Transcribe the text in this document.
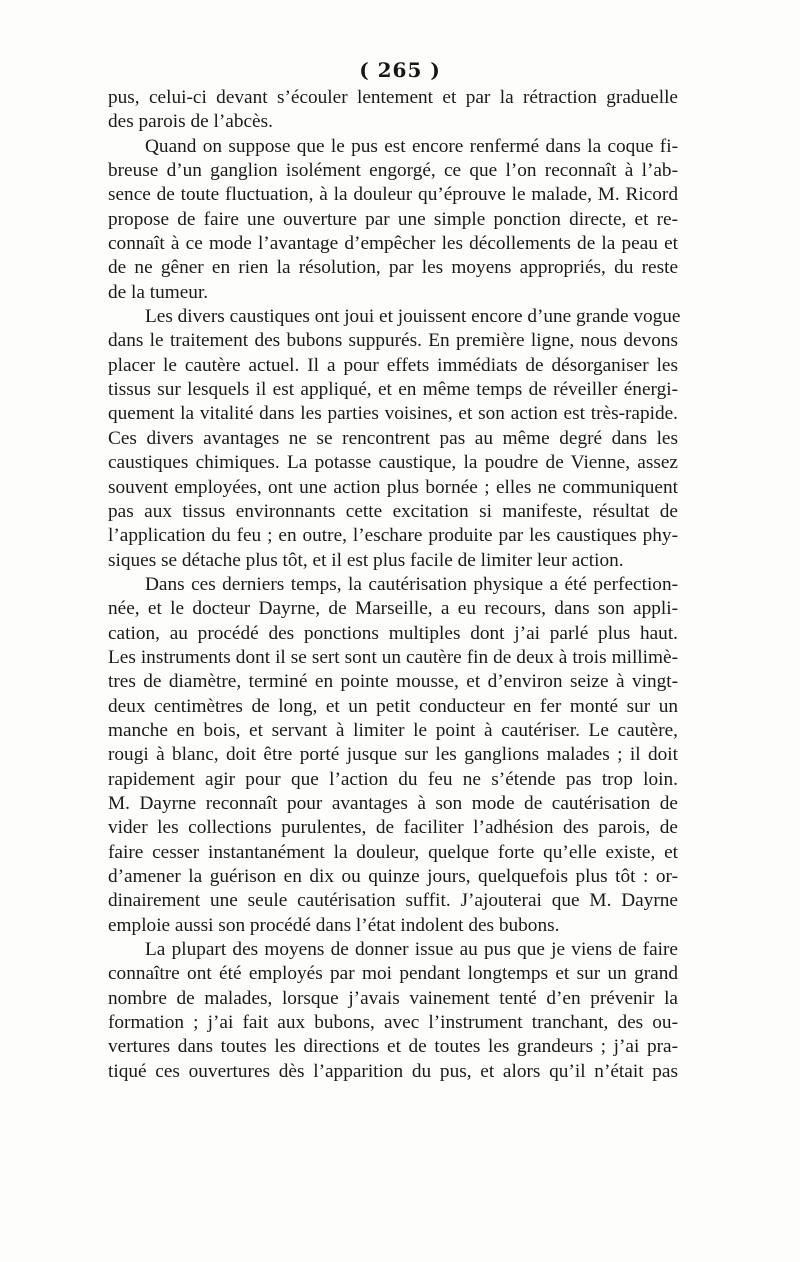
( 265 )
pus, celui-ci devant s’écouler lentement et par la rétraction graduelle
des parois de l’abcès.
Quand on suppose que le pus est encore renfermé dans la coque fi-
breuse d’un ganglion isolément engorgé, ce que l’on reconnaît à l’ab-
sence de toute fluctuation, à la douleur qu’éprouve le malade, M. Ricord
propose de faire une ouverture par une simple ponction directe, et re-
connaît à ce mode l’avantage d’empêcher les décollements de la peau et
de ne gêner en rien la résolution, par les moyens appropriés, du reste
de la tumeur.
Les divers caustiques ont joui et jouissent encore d’une grande vogue
dans le traitement des bubons suppurés. En première ligne, nous devons
placer le cautère actuel. Il a pour effets immédiats de désorganiser les
tissus sur lesquels il est appliqué, et en même temps de réveiller énergi-
quement la vitalité dans les parties voisines, et son action est très-rapide.
Ces divers avantages ne se rencontrent pas au même degré dans les
caustiques chimiques. La potasse caustique, la poudre de Vienne, assez
souvent employées, ont une action plus bornée ; elles ne communiquent
pas aux tissus environnants cette excitation si manifeste, résultat de
l’application du feu ; en outre, l’eschare produite par les caustiques phy-
siques se détache plus tôt, et il est plus facile de limiter leur action.
Dans ces derniers temps, la cautérisation physique a été perfection-
née, et le docteur Dayrne, de Marseille, a eu recours, dans son appli-
cation, au procédé des ponctions multiples dont j’ai parlé plus haut.
Les instruments dont il se sert sont un cautère fin de deux à trois millimè-
tres de diamètre, terminé en pointe mousse, et d’environ seize à vingt-
deux centimètres de long, et un petit conducteur en fer monté sur un
manche en bois, et servant à limiter le point à cautériser. Le cautère,
rougi à blanc, doit être porté jusque sur les ganglions malades ; il doit
rapidement agir pour que l’action du feu ne s’étende pas trop loin.
M. Dayrne reconnaît pour avantages à son mode de cautérisation de
vider les collections purulentes, de faciliter l’adhésion des parois, de
faire cesser instantanément la douleur, quelque forte qu’elle existe, et
d’amener la guérison en dix ou quinze jours, quelquefois plus tôt : or-
dinairement une seule cautérisation suffit. J’ajouterai que M. Dayrne
emploie aussi son procédé dans l’état indolent des bubons.
La plupart des moyens de donner issue au pus que je viens de faire
connaître ont été employés par moi pendant longtemps et sur un grand
nombre de malades, lorsque j’avais vainement tenté d’en prévenir la
formation ; j’ai fait aux bubons, avec l’instrument tranchant, des ou-
vertures dans toutes les directions et de toutes les grandeurs ; j’ai pra-
tiqué ces ouvertures dès l’apparition du pus, et alors qu’il n’était pas
